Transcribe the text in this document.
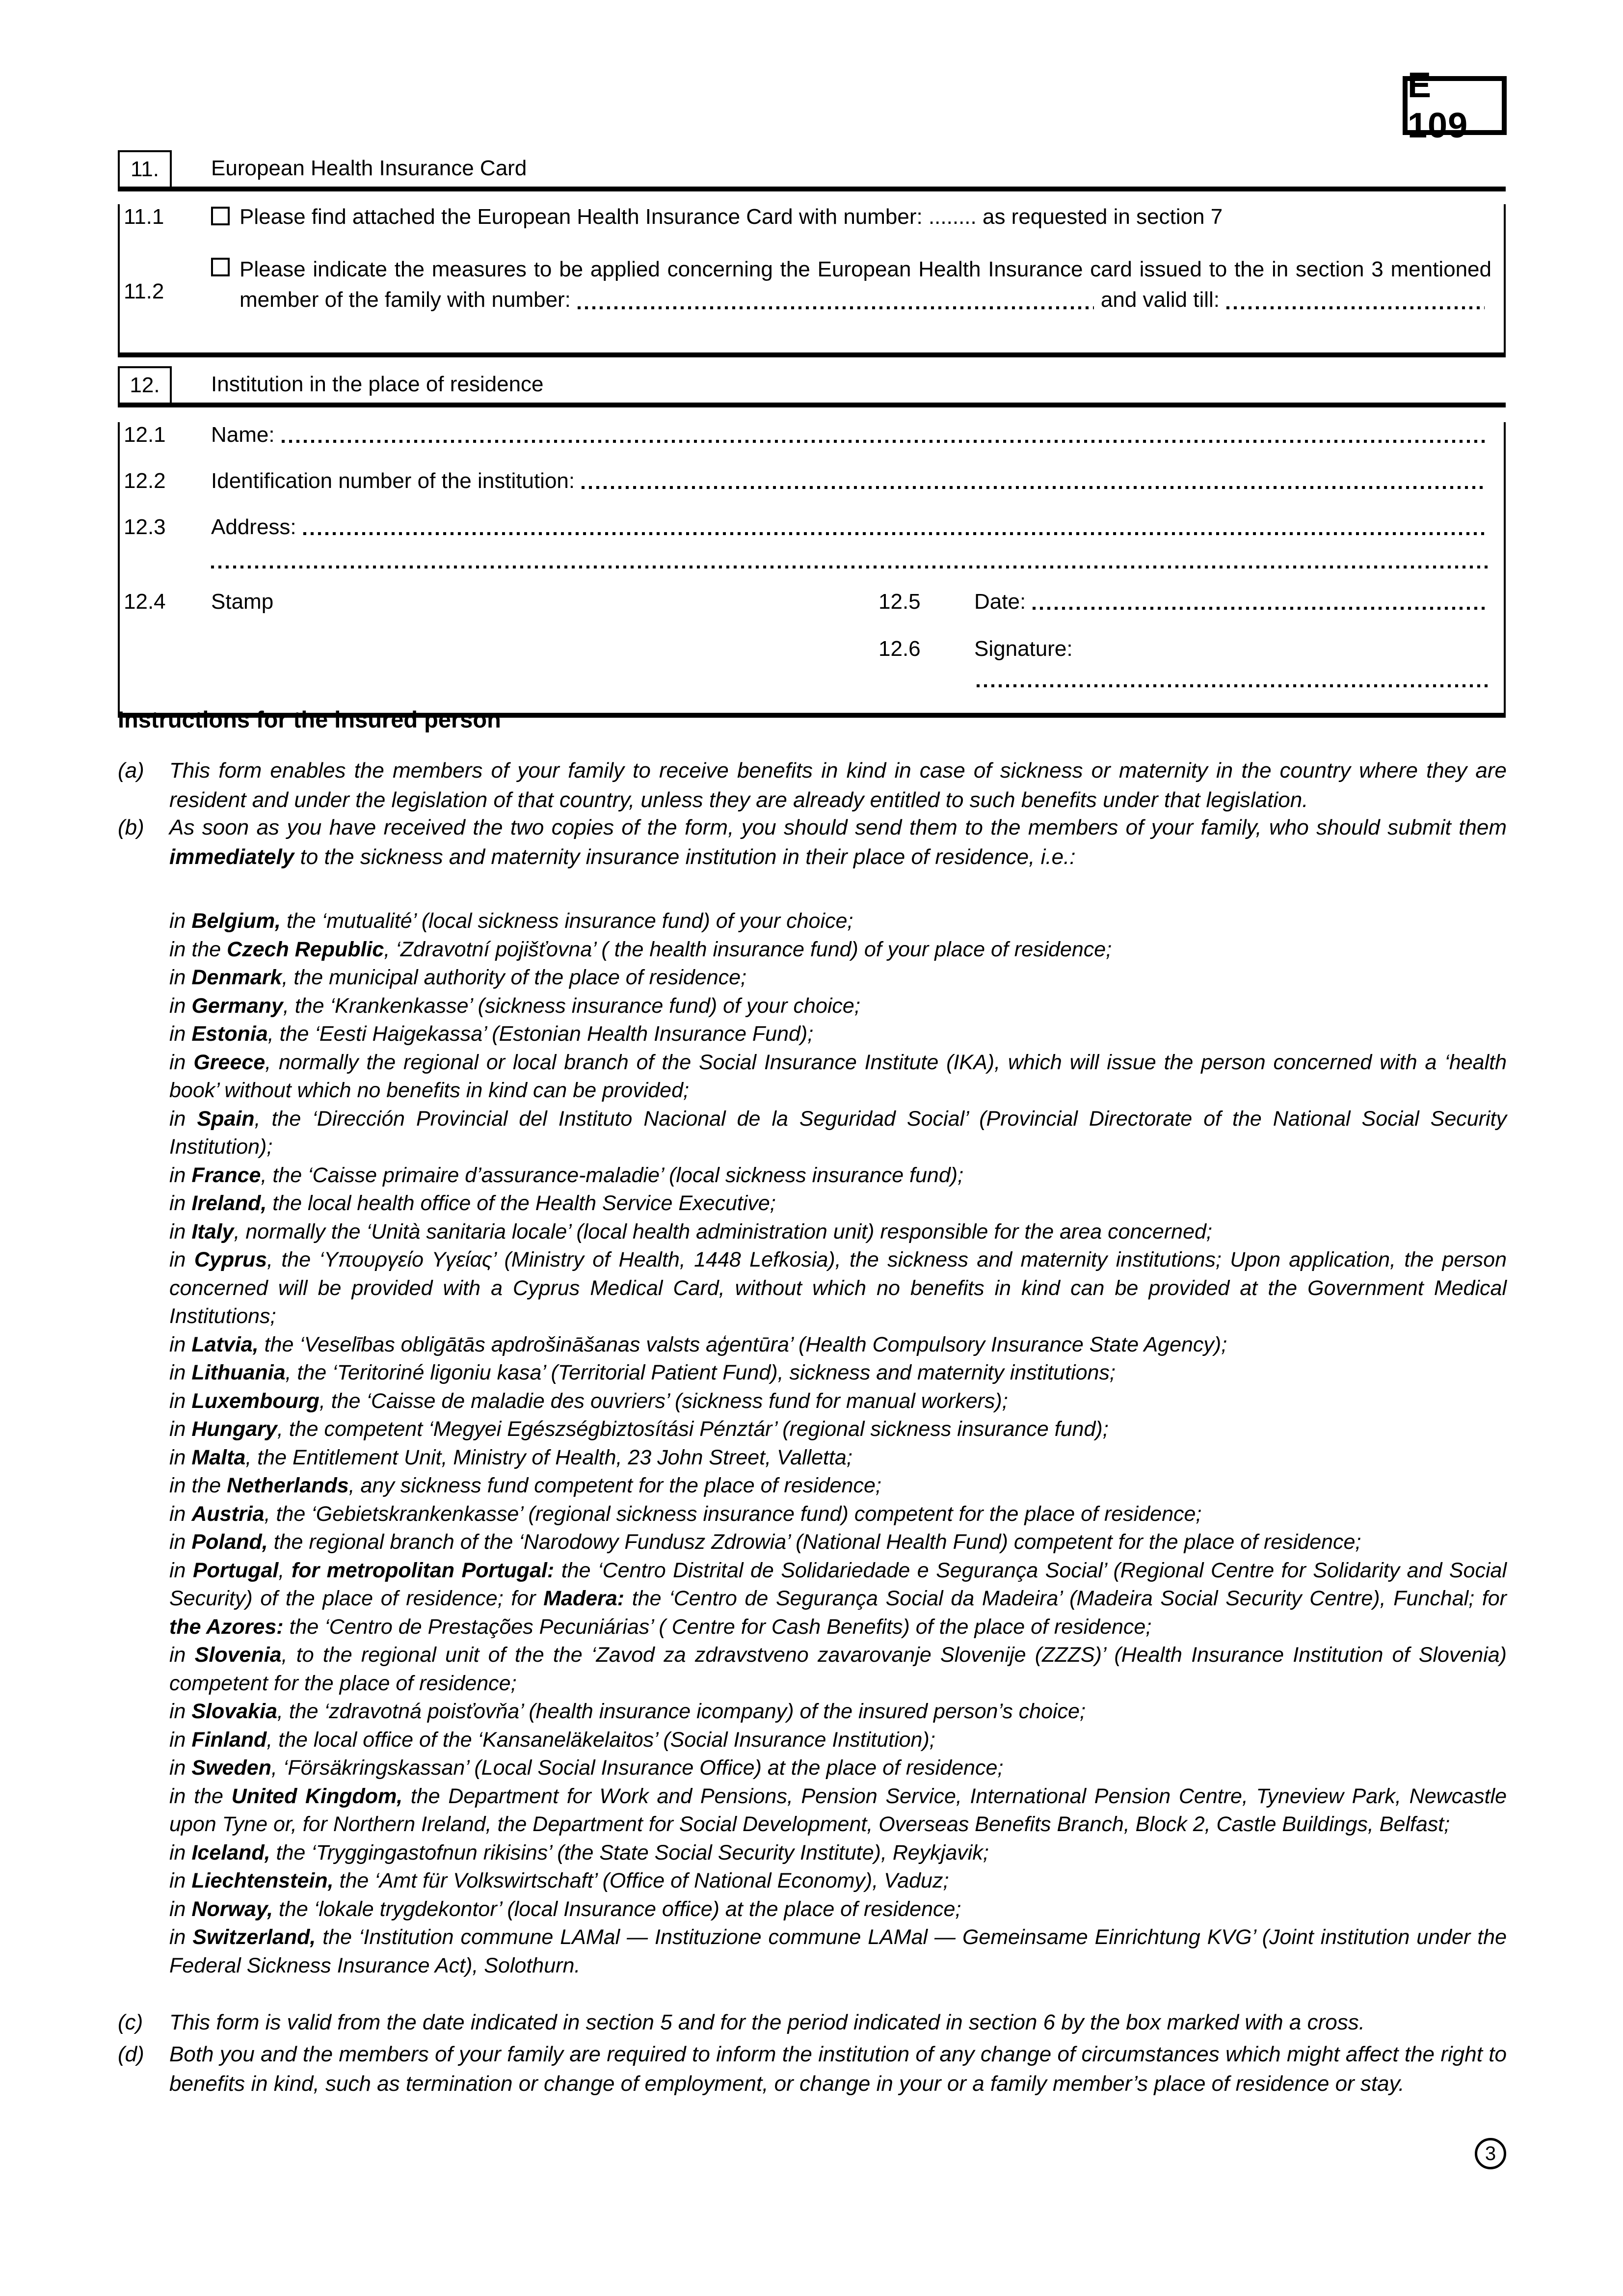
E 109
11.	European Health Insurance Card
11.1	Please find attached the European Health Insurance Card with number: ........ as requested in section 7
11.2
Please indicate the measures to be applied concerning the European Health Insurance card issued to the in section 3 mentioned
member of the family with number:	and valid till:
12.	Institution in the place of residence
12.1	Name:
12.2	Identification number of the institution:
12.3	Address:
12.4	Stamp	12.5	Date:
12.6	Signature:
Instructions for the insured person
(a)	This form enables the members of your family to receive benefits in kind in case of sickness or maternity in the country where they are resident and under the legislation of that country, unless they are already entitled to such benefits under that legislation.
(b)	As soon as you have received the two copies of the form, you should send them to the members of your family, who should submit them immediately to the sickness and maternity insurance institution in their place of residence, i.e.:
in Belgium, the ‘mutualité’ (local sickness insurance fund) of your choice;
in the Czech Republic, ‘Zdravotní pojišťovna’ ( the health insurance fund) of your place of residence;
in Denmark, the municipal authority of the place of residence;
in Germany, the ‘Krankenkasse’ (sickness insurance fund) of your choice;
in Estonia, the ‘Eesti Haigekassa’ (Estonian Health Insurance Fund);
in Greece, normally the regional or local branch of the Social Insurance Institute (IKA), which will issue the person concerned with a ‘health book’ without which no benefits in kind can be provided;
in Spain, the ‘Dirección Provincial del Instituto Nacional de la Seguridad Social’ (Provincial Directorate of the National Social Security Institution);
in France, the ‘Caisse primaire d’assurance-maladie’ (local sickness insurance fund);
in Ireland, the local health office of the Health Service Executive;
in Italy, normally the ‘Unità sanitaria locale’ (local health administration unit) responsible for the area concerned;
in Cyprus, the ‘Υπουργείο Υγείας’ (Ministry of Health, 1448 Lefkosia), the sickness and maternity institutions; Upon application, the person concerned will be provided with a Cyprus Medical Card, without which no benefits in kind can be provided at the Government Medical Institutions;
in Latvia, the ‘Veselības obligātās apdrošināšanas valsts aģentūra’ (Health Compulsory Insurance State Agency);
in Lithuania, the ‘Teritoriné ligoniu kasa’ (Territorial Patient Fund), sickness and maternity institutions;
in Luxembourg, the ‘Caisse de maladie des ouvriers’ (sickness fund for manual workers);
in Hungary, the competent ‘Megyei Egészségbiztosítási Pénztár’ (regional sickness insurance fund);
in Malta, the Entitlement Unit, Ministry of Health, 23 John Street, Valletta;
in the Netherlands, any sickness fund competent for the place of residence;
in Austria, the ‘Gebietskrankenkasse’ (regional sickness insurance fund) competent for the place of residence;
in Poland, the regional branch of the ‘Narodowy Fundusz Zdrowia’ (National Health Fund) competent for the place of residence;
in Portugal, for metropolitan Portugal: the ‘Centro Distrital de Solidariedade e Segurança Social’ (Regional Centre for Solidarity and Social Security) of the place of residence; for Madera: the ‘Centro de Segurança Social da Madeira’ (Madeira Social Security Centre), Funchal; for the Azores: the ‘Centro de Prestações Pecuniárias’ ( Centre for Cash Benefits) of the place of residence;
in Slovenia, to the regional unit of the the ‘Zavod za zdravstveno zavarovanje Slovenije (ZZZS)’ (Health Insurance Institution of Slovenia) competent for the place of residence;
in Slovakia, the ‘zdravotná poisťovňa’ (health insurance icompany) of the insured person’s choice;
in Finland, the local office of the ‘Kansaneläkelaitos’ (Social Insurance Institution);
in Sweden, ‘Försäkringskassan’ (Local Social Insurance Office) at the place of residence;
in the United Kingdom, the Department for Work and Pensions, Pension Service, International Pension Centre, Tyneview Park, Newcastle upon Tyne or, for Northern Ireland, the Department for Social Development, Overseas Benefits Branch, Block 2, Castle Buildings, Belfast;
in Iceland, the ‘Tryggingastofnun rikisins’ (the State Social Security Institute), Reykjavik;
in Liechtenstein, the ‘Amt für Volkswirtschaft’ (Office of National Economy), Vaduz;
in Norway, the ‘lokale trygdekontor’ (local Insurance office) at the place of residence;
in Switzerland, the ‘Institution commune LAMal — Instituzione commune LAMal — Gemeinsame Einrichtung KVG’ (Joint institution under the Federal Sickness Insurance Act), Solothurn.
(c)	This form is valid from the date indicated in section 5 and for the period indicated in section 6 by the box marked with a cross.
(d)	Both you and the members of your family are required to inform the institution of any change of circumstances which might affect the right to benefits in kind, such as termination or change of employment, or change in your or a family member’s place of residence or stay.
3
